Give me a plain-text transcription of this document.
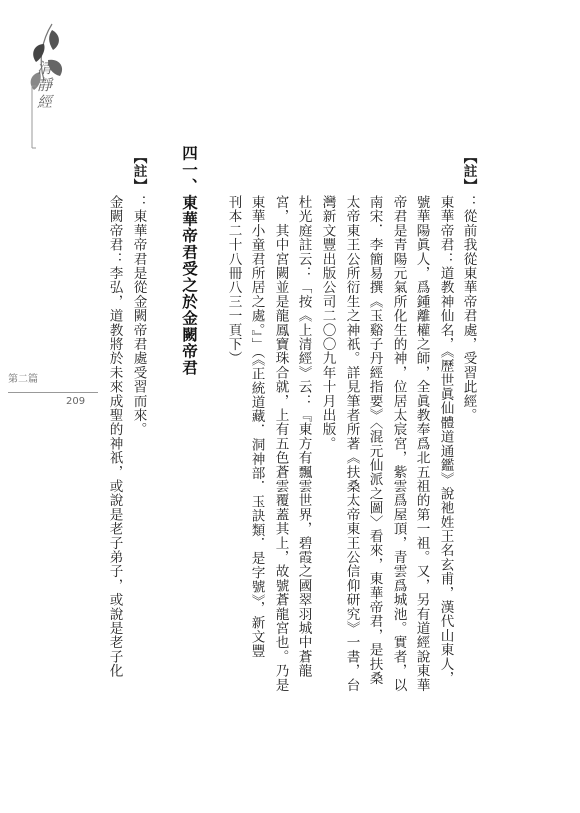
清靜經
第二篇
209
【註】
：從前我從東華帝君處，受習此經。
東華帝君：道教神仙名，《歷世眞仙體道通鑑》說祂姓王名玄甫，漢代山東人，
號華陽眞人，爲鍾離權之師，全眞教奉爲北五祖的第一祖。又，另有道經說東華
帝君是青陽元氣所化生的神，位居太宸宮，紫雲爲屋頂，青雲爲城池。實者，以
南宋．李簡易撰《玉谿子丹經指要》〈混元仙派之圖〉看來，東華帝君，是扶桑
太帝東王公所衍生之神祇。詳見筆者所著《扶桑太帝東王公信仰研究》一書，台
灣新文豐出版公司二〇〇九年十月出版。
杜光庭註云：「按《上清經》云：『東方有飄雲世界，碧霞之國翠羽城中蒼龍
宮，其中宮闕並是龍鳳寶珠合就，上有五色蒼雲覆蓋其上，故號蒼龍宮也。乃是
東華小童君所居之處。』」（《正統道藏．洞神部．玉訣類．是字號》，新文豐
刊本二十八冊八三一頁下）
四一、東華帝君受之於金闕帝君
【註】
：東華帝君是從金闕帝君處受習而來。
金闕帝君：李弘，道教將於未來成聖的神祇，或說是老子弟子，或說是老子化
